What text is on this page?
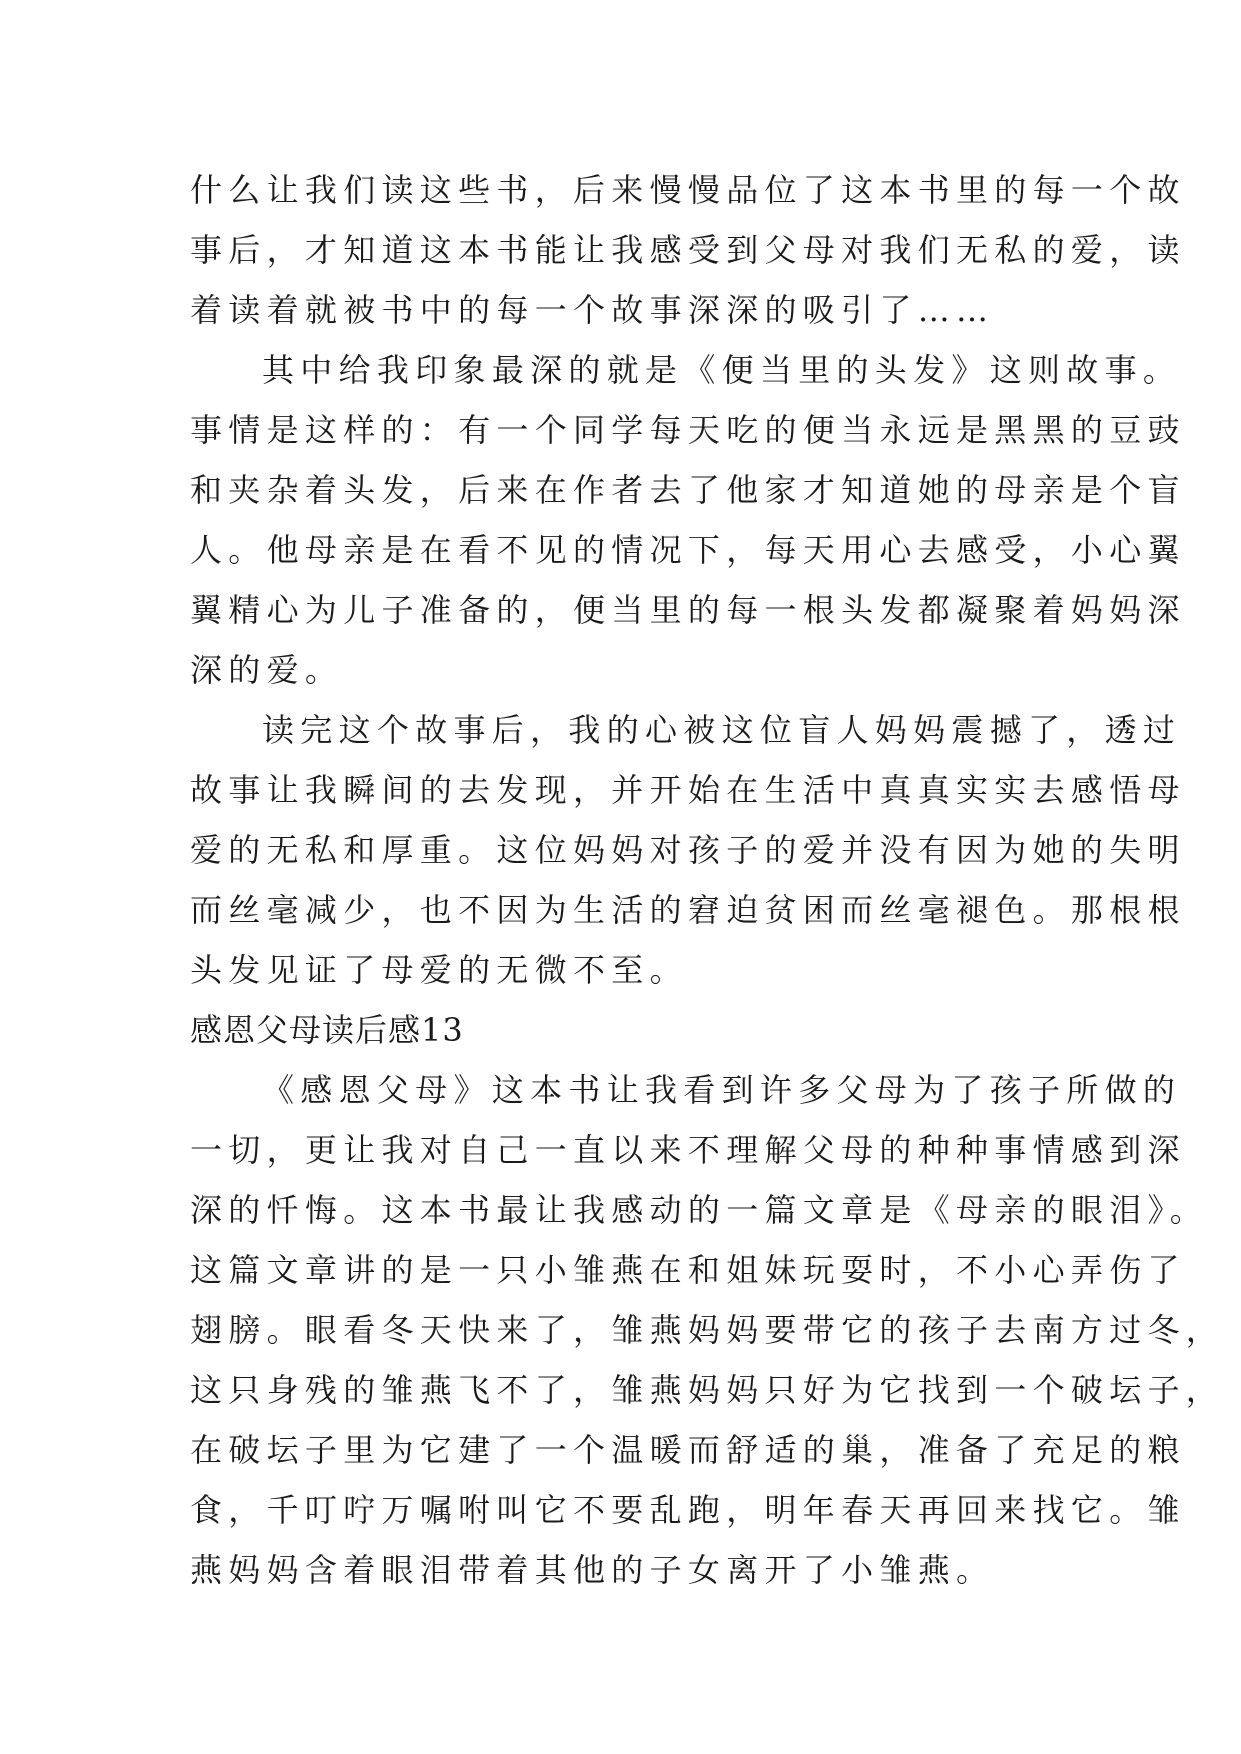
什么让我们读这些书，后来慢慢品位了这本书里的每一个故
事后，才知道这本书能让我感受到父母对我们无私的爱，读
着读着就被书中的每一个故事深深的吸引了……
其中给我印象最深的就是《便当里的头发》这则故事。
事情是这样的：有一个同学每天吃的便当永远是黑黑的豆豉
和夹杂着头发，后来在作者去了他家才知道她的母亲是个盲
人。他母亲是在看不见的情况下，每天用心去感受，小心翼
翼精心为儿子准备的，便当里的每一根头发都凝聚着妈妈深
深的爱。
读完这个故事后，我的心被这位盲人妈妈震撼了，透过
故事让我瞬间的去发现，并开始在生活中真真实实去感悟母
爱的无私和厚重。这位妈妈对孩子的爱并没有因为她的失明
而丝毫减少，也不因为生活的窘迫贫困而丝毫褪色。那根根
头发见证了母爱的无微不至。
感恩父母读后感13
《感恩父母》这本书让我看到许多父母为了孩子所做的
一切，更让我对自己一直以来不理解父母的种种事情感到深
深的忏悔。这本书最让我感动的一篇文章是《母亲的眼泪》。
这篇文章讲的是一只小雏燕在和姐妹玩耍时，不小心弄伤了
翅膀。眼看冬天快来了，雏燕妈妈要带它的孩子去南方过冬，
这只身残的雏燕飞不了，雏燕妈妈只好为它找到一个破坛子，
在破坛子里为它建了一个温暖而舒适的巢，准备了充足的粮
食，千叮咛万嘱咐叫它不要乱跑，明年春天再回来找它。雏
燕妈妈含着眼泪带着其他的子女离开了小雏燕。
